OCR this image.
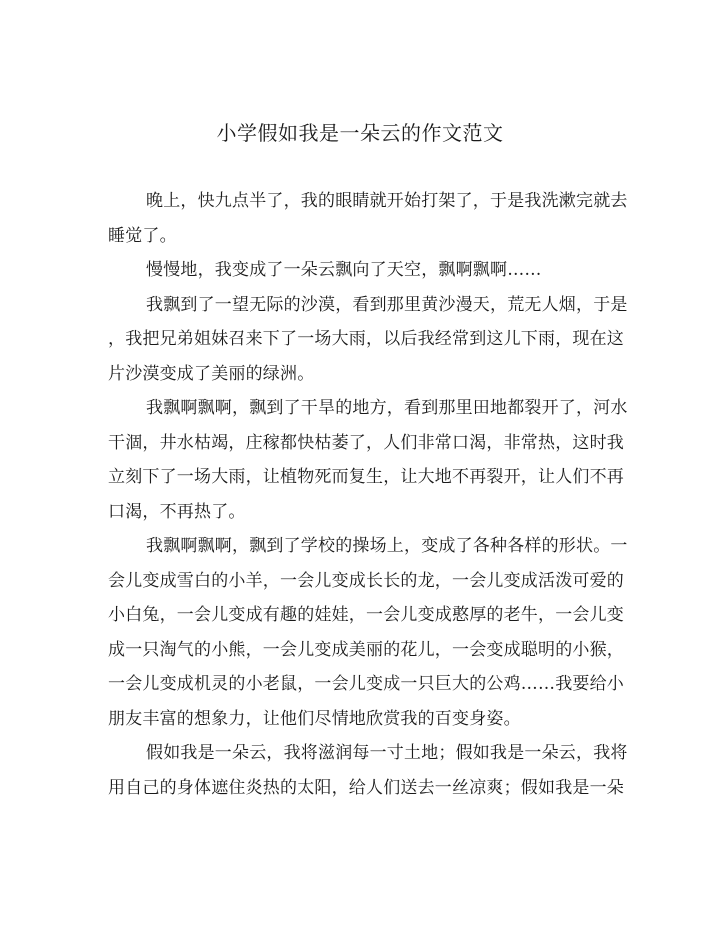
小学假如我是一朵云的作文范文
晚上，快九点半了，我的眼睛就开始打架了，于是我洗漱完就去
睡觉了。
慢慢地，我变成了一朵云飘向了天空，飘啊飘啊……
我飘到了一望无际的沙漠，看到那里黄沙漫天，荒无人烟，于是
，我把兄弟姐妹召来下了一场大雨，以后我经常到这儿下雨，现在这
片沙漠变成了美丽的绿洲。
我飘啊飘啊，飘到了干旱的地方，看到那里田地都裂开了，河水
干涸，井水枯竭，庄稼都快枯萎了，人们非常口渴，非常热，这时我
立刻下了一场大雨，让植物死而复生，让大地不再裂开，让人们不再
口渴，不再热了。
我飘啊飘啊，飘到了学校的操场上，变成了各种各样的形状。一
会儿变成雪白的小羊，一会儿变成长长的龙，一会儿变成活泼可爱的
小白兔，一会儿变成有趣的娃娃，一会儿变成憨厚的老牛，一会儿变
成一只淘气的小熊，一会儿变成美丽的花儿，一会变成聪明的小猴，
一会儿变成机灵的小老鼠，一会儿变成一只巨大的公鸡……我要给小
朋友丰富的想象力，让他们尽情地欣赏我的百变身姿。
假如我是一朵云，我将滋润每一寸土地；假如我是一朵云，我将
用自己的身体遮住炎热的太阳，给人们送去一丝凉爽；假如我是一朵
